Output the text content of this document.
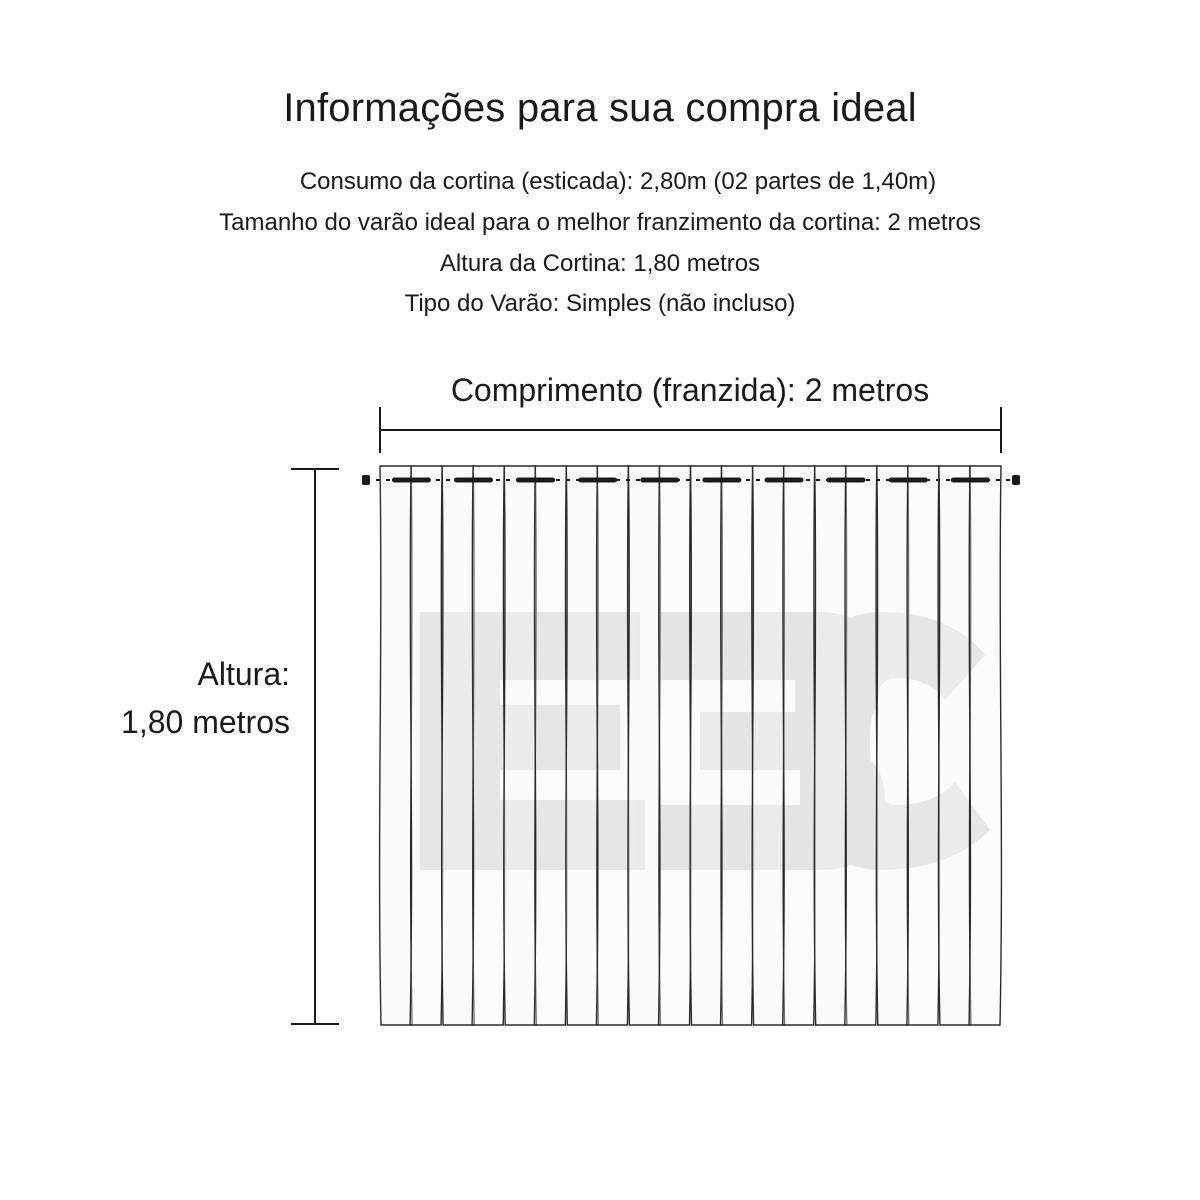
Informações para sua compra ideal
Consumo da cortina (esticada): 2,80m (02 partes de 1,40m)
Tamanho do varão ideal para o melhor franzimento da cortina: 2 metros
Altura da Cortina: 1,80 metros
Tipo do Varão: Simples (não incluso)
Comprimento (franzida): 2 metros
Altura:
1,80 metros
